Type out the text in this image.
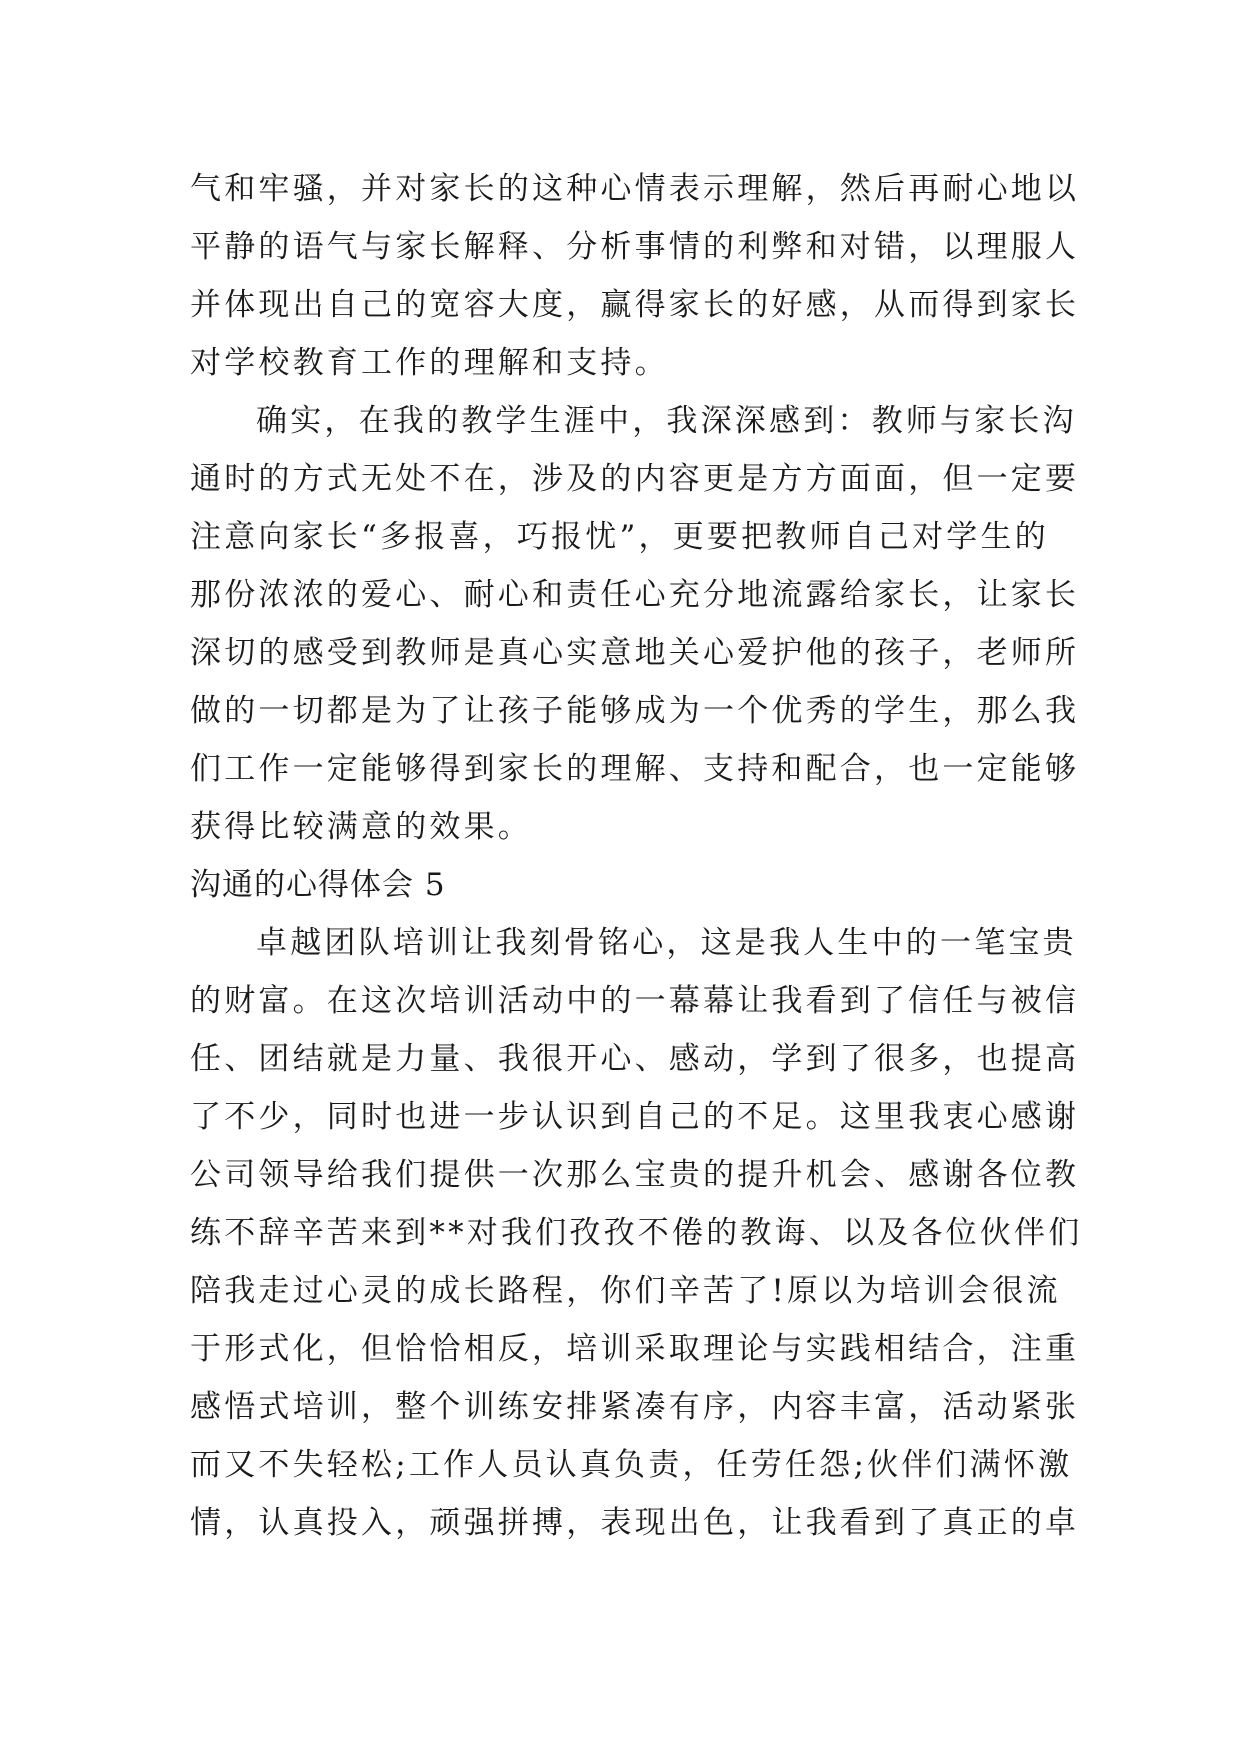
气和牢骚，并对家长的这种心情表示理解，然后再耐心地以
平静的语气与家长解释、分析事情的利弊和对错，以理服人
并体现出自己的宽容大度，赢得家长的好感，从而得到家长
对学校教育工作的理解和支持。
确实，在我的教学生涯中，我深深感到：教师与家长沟
通时的方式无处不在，涉及的内容更是方方面面，但一定要
注意向家长“多报喜，巧报忧”，更要把教师自己对学生的
那份浓浓的爱心、耐心和责任心充分地流露给家长，让家长
深切的感受到教师是真心实意地关心爱护他的孩子，老师所
做的一切都是为了让孩子能够成为一个优秀的学生，那么我
们工作一定能够得到家长的理解、支持和配合，也一定能够
获得比较满意的效果。
沟通的心得体会 5
卓越团队培训让我刻骨铭心，这是我人生中的一笔宝贵
的财富。在这次培训活动中的一幕幕让我看到了信任与被信
任、团结就是力量、我很开心、感动，学到了很多，也提高
了不少，同时也进一步认识到自己的不足。这里我衷心感谢
公司领导给我们提供一次那么宝贵的提升机会、感谢各位教
练不辞辛苦来到**对我们孜孜不倦的教诲、以及各位伙伴们
陪我走过心灵的成长路程，你们辛苦了!原以为培训会很流
于形式化，但恰恰相反，培训采取理论与实践相结合，注重
感悟式培训，整个训练安排紧凑有序，内容丰富，活动紧张
而又不失轻松;工作人员认真负责，任劳任怨;伙伴们满怀激
情，认真投入，顽强拼搏，表现出色，让我看到了真正的卓
